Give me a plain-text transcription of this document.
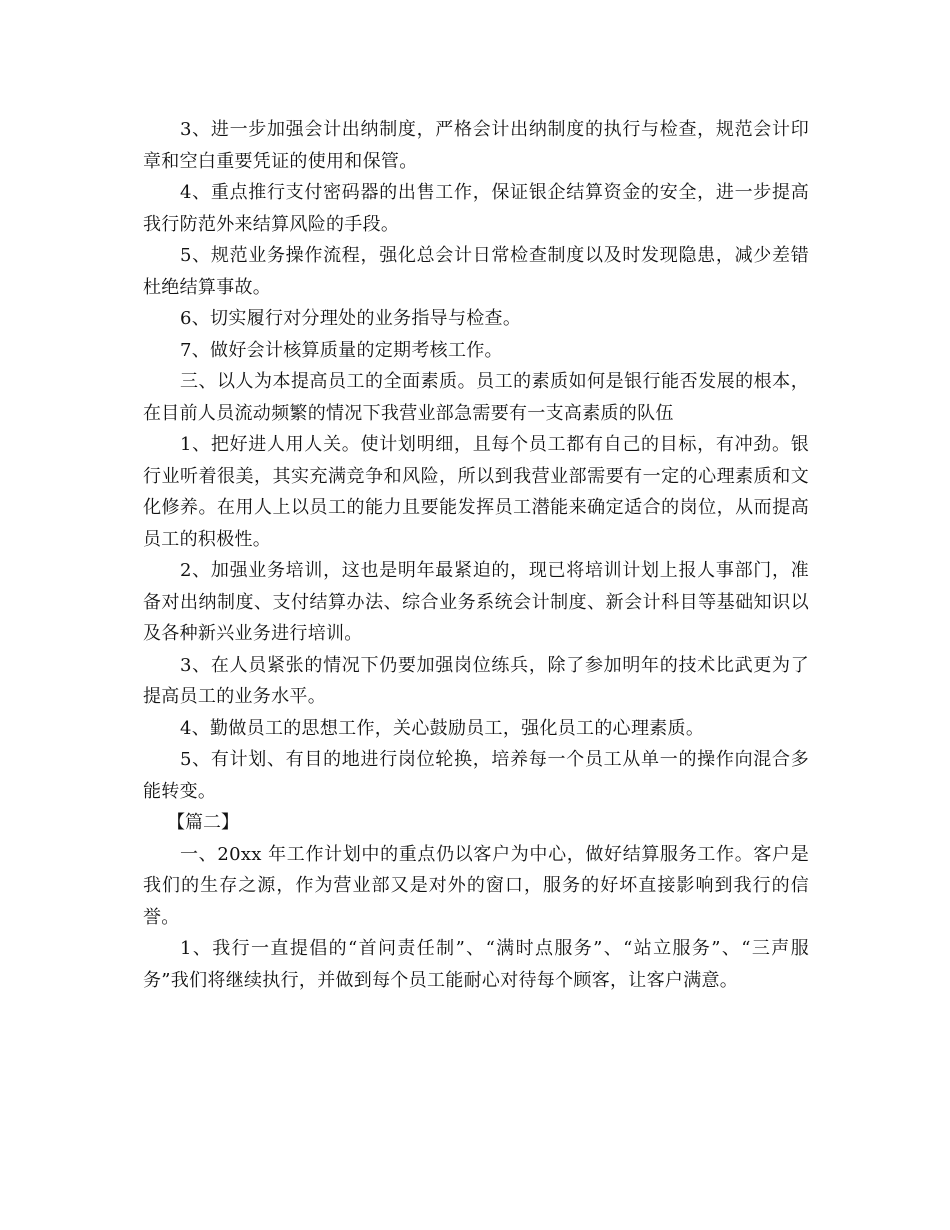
3、进一步加强会计出纳制度，严格会计出纳制度的执行与检查，规范会计印章和空白重要凭证的使用和保管。

4、重点推行支付密码器的出售工作，保证银企结算资金的安全，进一步提高我行防范外来结算风险的手段。

5、规范业务操作流程，强化总会计日常检查制度以及时发现隐患，减少差错杜绝结算事故。

6、切实履行对分理处的业务指导与检查。

7、做好会计核算质量的定期考核工作。

三、以人为本提高员工的全面素质。员工的素质如何是银行能否发展的根本，在目前人员流动频繁的情况下我营业部急需要有一支高素质的队伍

1、把好进人用人关。使计划明细，且每个员工都有自己的目标，有冲劲。银行业听着很美，其实充满竞争和风险，所以到我营业部需要有一定的心理素质和文化修养。在用人上以员工的能力且要能发挥员工潜能来确定适合的岗位，从而提高员工的积极性。

2、加强业务培训，这也是明年最紧迫的，现已将培训计划上报人事部门，准备对出纳制度、支付结算办法、综合业务系统会计制度、新会计科目等基础知识以及各种新兴业务进行培训。

3、在人员紧张的情况下仍要加强岗位练兵，除了参加明年的技术比武更为了提高员工的业务水平。

4、勤做员工的思想工作，关心鼓励员工，强化员工的心理素质。

5、有计划、有目的地进行岗位轮换，培养每一个员工从单一的操作向混合多能转变。

【篇二】

一、20xx 年工作计划中的重点仍以客户为中心，做好结算服务工作。客户是我们的生存之源，作为营业部又是对外的窗口，服务的好坏直接影响到我行的信誉。

1、我行一直提倡的“首问责任制”、“满时点服务”、“站立服务”、“三声服务”我们将继续执行，并做到每个员工能耐心对待每个顾客，让客户满意。
